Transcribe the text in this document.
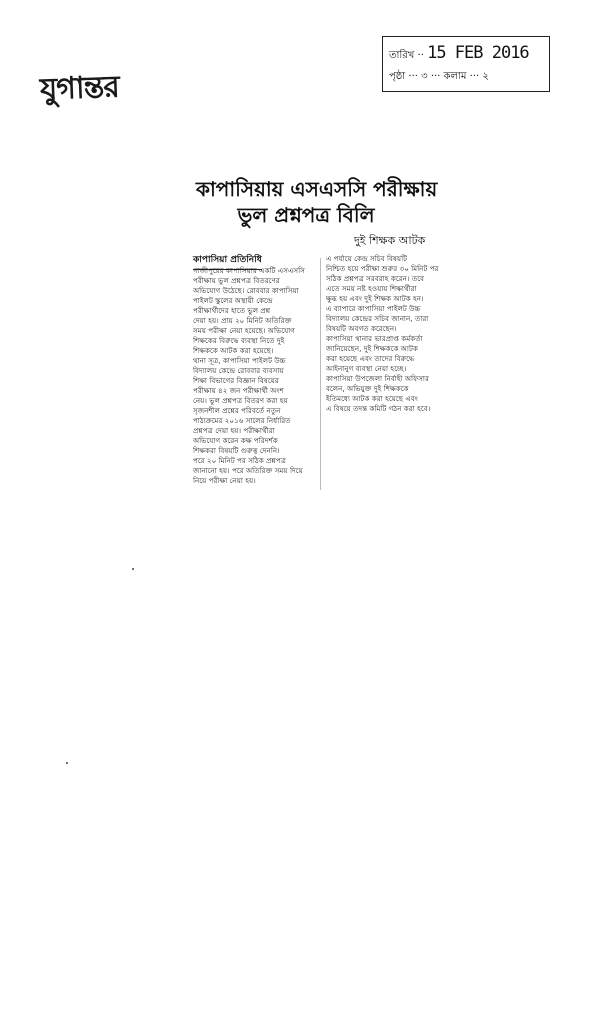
যুগান্তর
তারিখ ·· 15 FEB 2016
পৃষ্ঠা ··· ৩ ··· কলাম ··· ২
কাপাসিয়ায় এসএসসি পরীক্ষায়
ভুল প্রশ্নপত্র বিলি
দুই শিক্ষক আটক
কাপাসিয়া প্রতিনিধি
গাজীপুরের কাপাসিয়ার একটি এসএসসি
পরীক্ষায় ভুল প্রশ্নপত্র বিতরণের
অভিযোগ উঠেছে। রোববার কাপাসিয়া
পাইলট স্কুলের অস্থায়ী কেন্দ্রে
পরীক্ষার্থীদের হাতে ভুল প্রশ্ন
দেয়া হয়। প্রায় ২০ মিনিট অতিরিক্ত
সময় পরীক্ষা নেয়া হয়েছে। অভিযোগ
শিক্ষকের বিরুদ্ধে ব্যবস্থা নিতে দুই
শিক্ষককে আটক করা হয়েছে।
থানা সূত্র, কাপাসিয়া পাইলট উচ্চ
বিদ্যালয় কেন্দ্রে রোববার ব্যবসায়
শিক্ষা বিভাগের বিজ্ঞান বিষয়ের
পরীক্ষায় ৪২ জন পরীক্ষার্থী অংশ
নেয়। ভুল প্রশ্নপত্র বিতরণ করা হয়
সৃজনশীল প্রশ্নের পরিবর্তে নতুন
পাঠ্যক্রমের ২০১৬ সালের নির্ধারিত
প্রশ্নপত্র দেয়া হয়। পরীক্ষার্থীরা
অভিযোগ করেন কক্ষ পরিদর্শক
শিক্ষকরা বিষয়টি গুরুত্ব দেননি।
পরে ২০ মিনিট পর সঠিক প্রশ্নপত্র
জানানো হয়। পরে অতিরিক্ত সময় দিয়ে
নিয়ে পরীক্ষা নেয়া হয়।
এ পর্যায়ে কেন্দ্র সচিব বিষয়টি
নিশ্চিত হয়ে পরীক্ষা শুরুর ৩০ মিনিট পর
সঠিক প্রশ্নপত্র সরবরাহ করেন। তবে
এতে সময় নষ্ট হওয়ায় শিক্ষার্থীরা
ক্ষুব্ধ হয় এবং দুই শিক্ষক আটক হন।
এ ব্যাপারে কাপাসিয়া পাইলট উচ্চ
বিদ্যালয় কেন্দ্রের সচিব জানান, তারা
বিষয়টি অবগত করেছেন।
কাপাসিয়া থানার ভারপ্রাপ্ত কর্মকর্তা
জানিয়েছেন, দুই শিক্ষককে আটক
করা হয়েছে এবং তাদের বিরুদ্ধে
আইনানুগ ব্যবস্থা নেয়া হচ্ছে।
কাপাসিয়া উপজেলা নির্বাহী অফিসার
বলেন, অভিযুক্ত দুই শিক্ষককে
ইতিমধ্যে আটক করা হয়েছে এবং
এ বিষয়ে তদন্ত কমিটি গঠন করা হবে।
